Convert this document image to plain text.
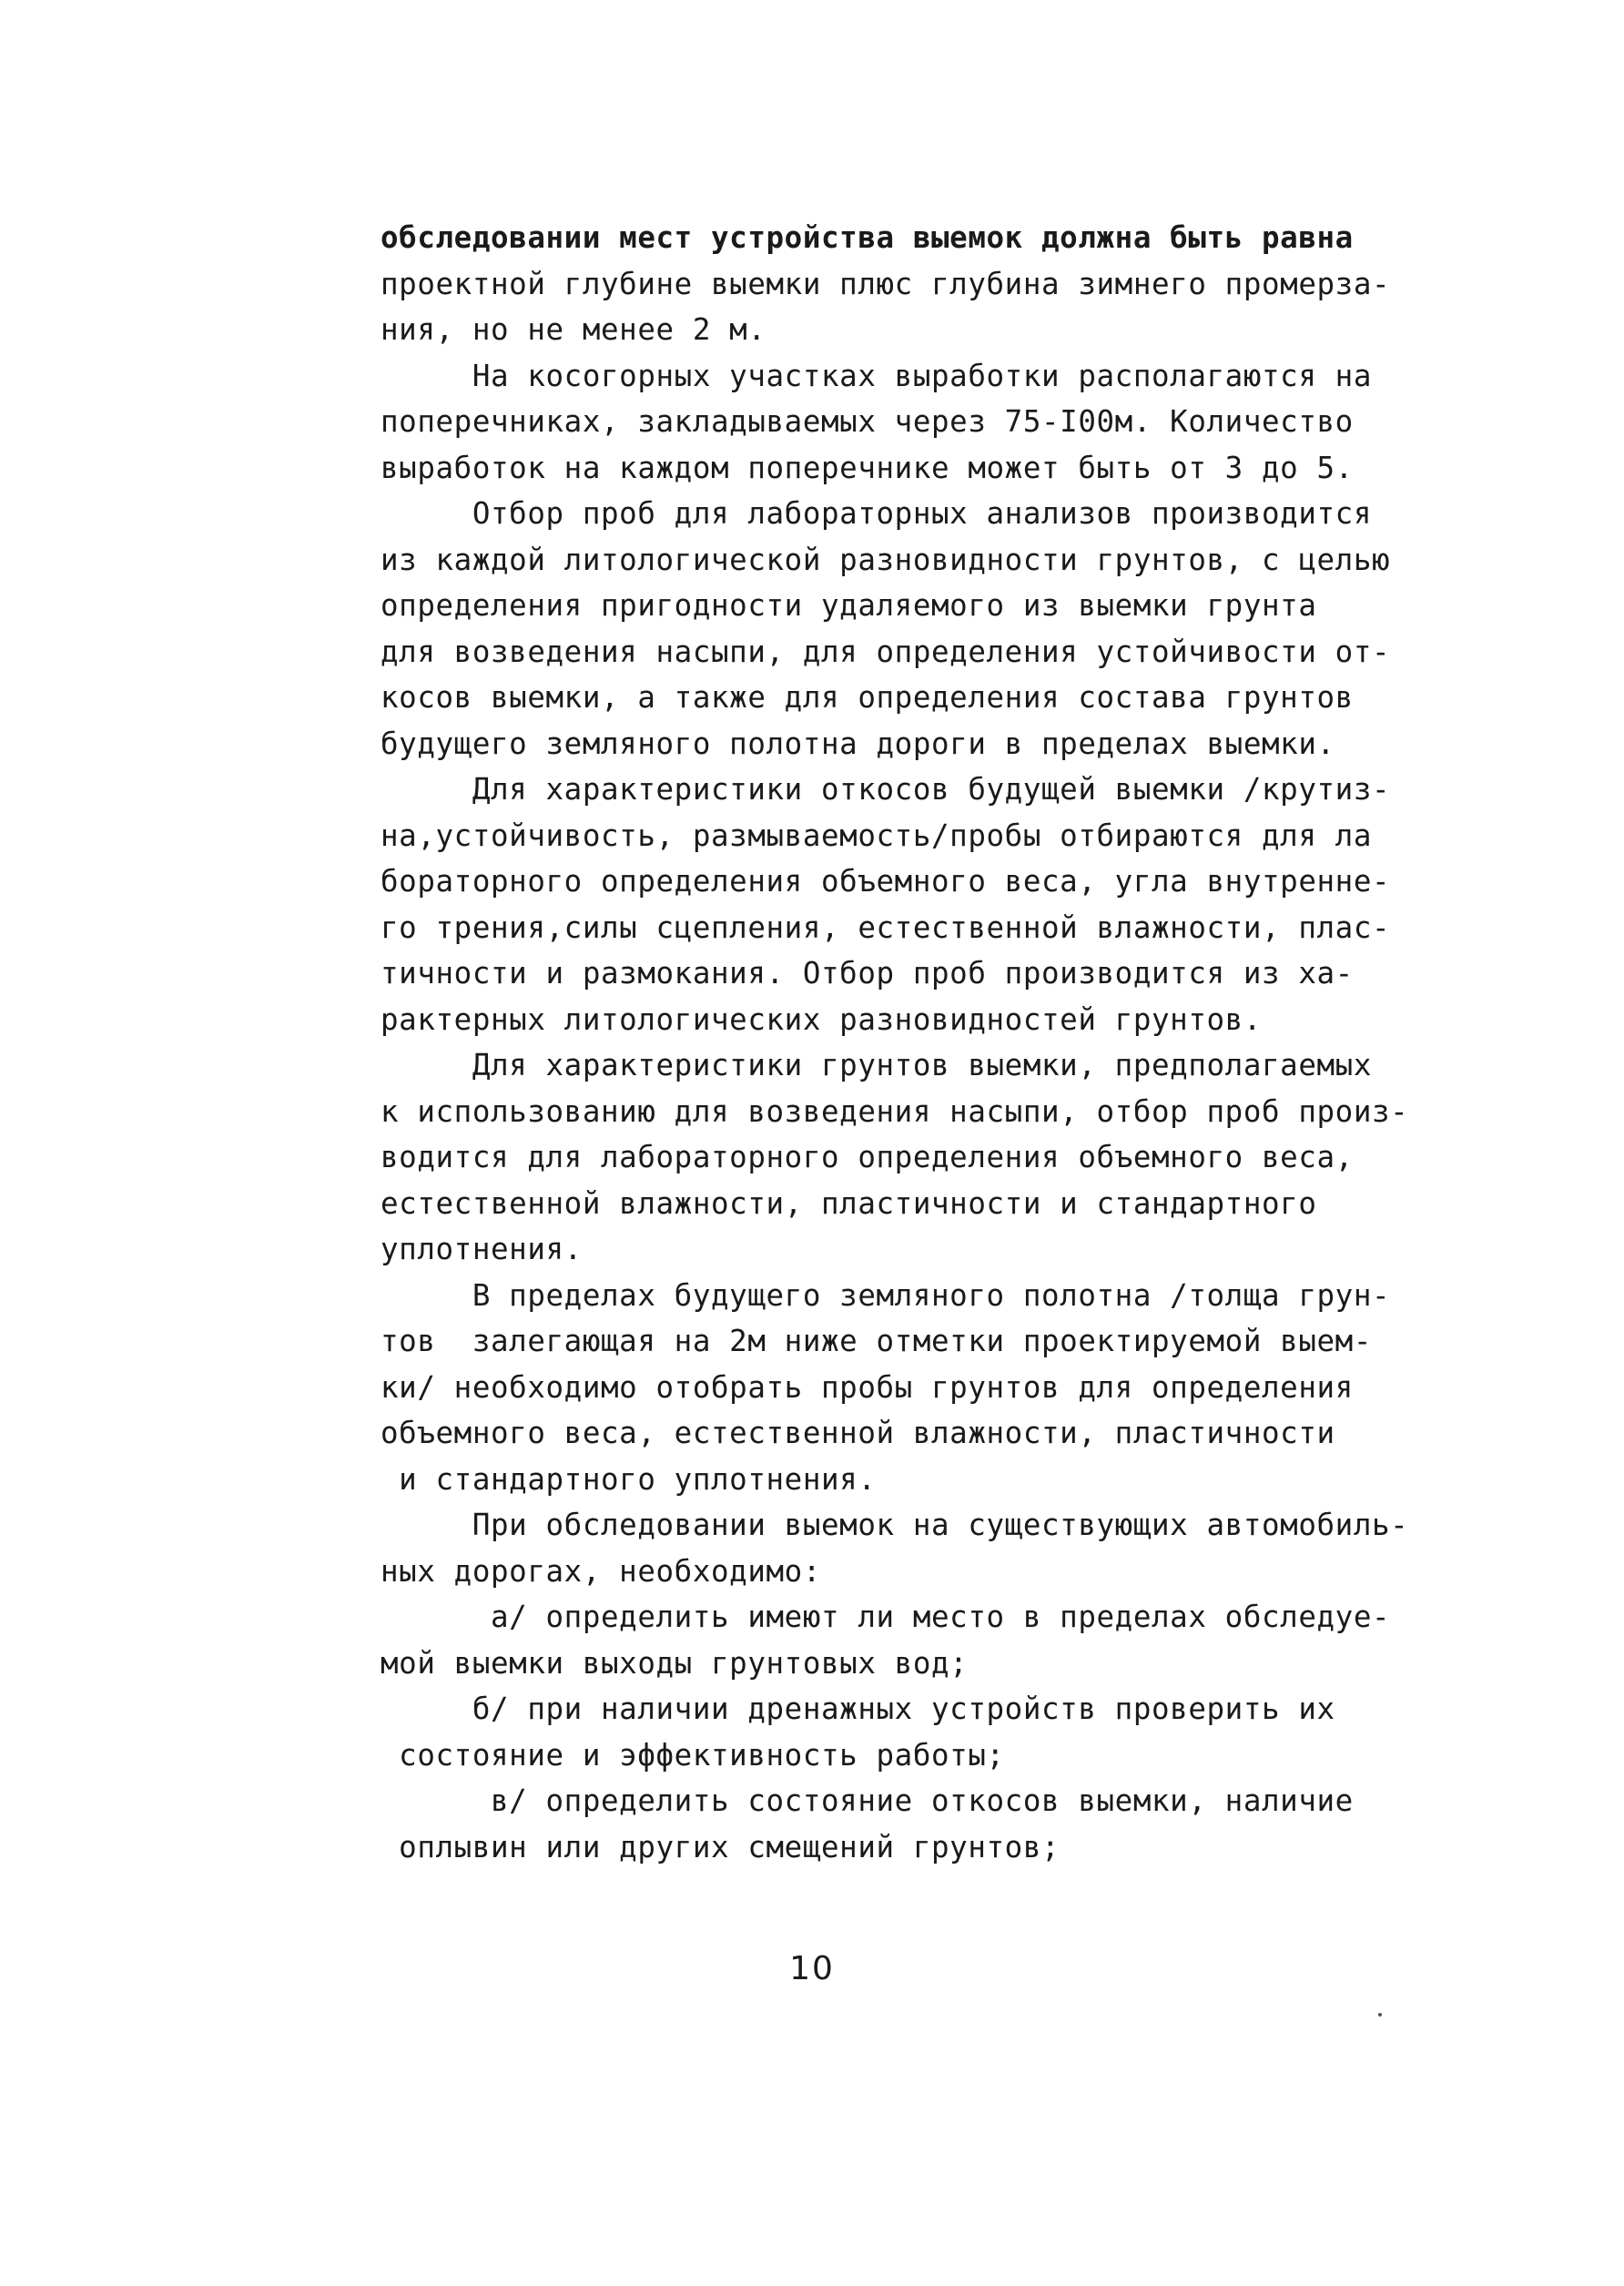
обследовании мест устройства выемок должна быть равна
проектной глубине выемки плюс глубина зимнего промерза-
ния, но не менее 2 м.
На косогорных участках выработки располагаются на
поперечниках, закладываемых через 75-I00м. Количество
выработок на каждом поперечнике может быть от 3 до 5.
Отбор проб для лабораторных анализов производится
из каждой литологической разновидности грунтов, с целью
определения пригодности удаляемого из выемки грунта
для возведения насыпи, для определения устойчивости от-
косов выемки, а также для определения состава грунтов
будущего земляного полотна дороги в пределах выемки.
Для характеристики откосов будущей выемки /крутиз-
на,устойчивость, размываемость/пробы отбираются для ла
бораторного определения объемного веса, угла внутренне-
го трения,силы сцепления, естественной влажности, плас-
тичности и размокания. Отбор проб производится из ха-
рактерных литологических разновидностей грунтов.
Для характеристики грунтов выемки, предполагаемых
к использованию для возведения насыпи, отбор проб произ-
водится для лабораторного определения объемного веса,
естественной влажности, пластичности и стандартного
уплотнения.
В пределах будущего земляного полотна /толща грун-
тов  залегающая на 2м ниже отметки проектируемой выем-
ки/ необходимо отобрать пробы грунтов для определения
объемного веса, естественной влажности, пластичности
и стандартного уплотнения.
При обследовании выемок на существующих автомобиль-
ных дорогах, необходимо:
а/ определить имеют ли место в пределах обследуе-
мой выемки выходы грунтовых вод;
б/ при наличии дренажных устройств проверить их
состояние и эффективность работы;
в/ определить состояние откосов выемки, наличие
оплывин или других смещений грунтов;
10
